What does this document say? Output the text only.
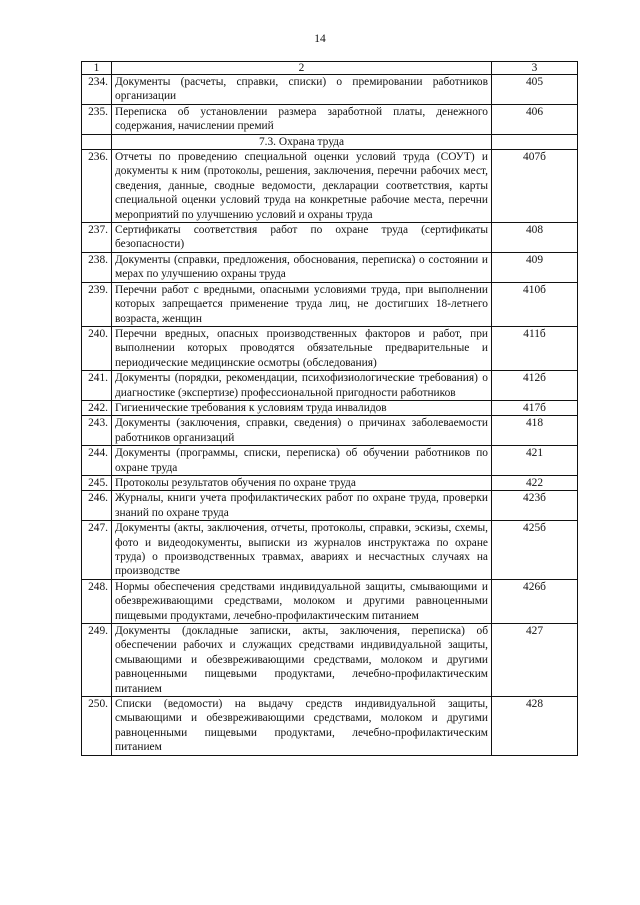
14
1	2	3
234.	Документы (расчеты, справки, списки) о премировании работников организации	405
235.	Переписка об установлении размера заработной платы, денежного содержания, начислении премий	406
	7.3. Охрана труда	
236.	Отчеты по проведению специальной оценки условий труда (СОУТ) и документы к ним (протоколы, решения, заключения, перечни рабочих мест, сведения, данные, сводные ведомости, декларации соответствия, карты специальной оценки условий труда на конкретные рабочие места, перечни мероприятий по улучшению условий и охраны труда	407б
237.	Сертификаты соответствия работ по охране труда (сертификаты безопасности)	408
238.	Документы (справки, предложения, обоснования, переписка) о состоянии и мерах по улучшению охраны труда	409
239.	Перечни работ с вредными, опасными условиями труда, при выполнении которых запрещается применение труда лиц, не достигших 18-летнего возраста, женщин	410б
240.	Перечни вредных, опасных производственных факторов и работ, при выполнении которых проводятся обязательные предварительные и периодические медицинские осмотры (обследования)	411б
241.	Документы (порядки, рекомендации, психофизиологические требования) о диагностике (экспертизе) профессиональной пригодности работников	412б
242.	Гигиенические требования к условиям труда инвалидов	417б
243.	Документы (заключения, справки, сведения) о причинах заболеваемости работников организаций	418
244.	Документы (программы, списки, переписка) об обучении работников по охране труда	421
245.	Протоколы результатов обучения по охране труда	422
246.	Журналы, книги учета профилактических работ по охране труда, проверки знаний по охране труда	423б
247.	Документы (акты, заключения, отчеты, протоколы, справки, эскизы, схемы, фото и видеодокументы, выписки из журналов инструктажа по охране труда) о производственных травмах, авариях и несчастных случаях на производстве	425б
248.	Нормы обеспечения средствами индивидуальной защиты, смывающими и обезвреживающими средствами, молоком и другими равноценными пищевыми продуктами, лечебно-профилактическим питанием	426б
249.	Документы (докладные записки, акты, заключения, переписка) об обеспечении рабочих и служащих средствами индивидуальной защиты, смывающими и обезвреживающими средствами, молоком и другими равноценными пищевыми продуктами, лечебно-профилактическим питанием	427
250.	Списки (ведомости) на выдачу средств индивидуальной защиты, смывающими и обезвреживающими средствами, молоком и другими равноценными пищевыми продуктами, лечебно-профилактическим питанием	428
